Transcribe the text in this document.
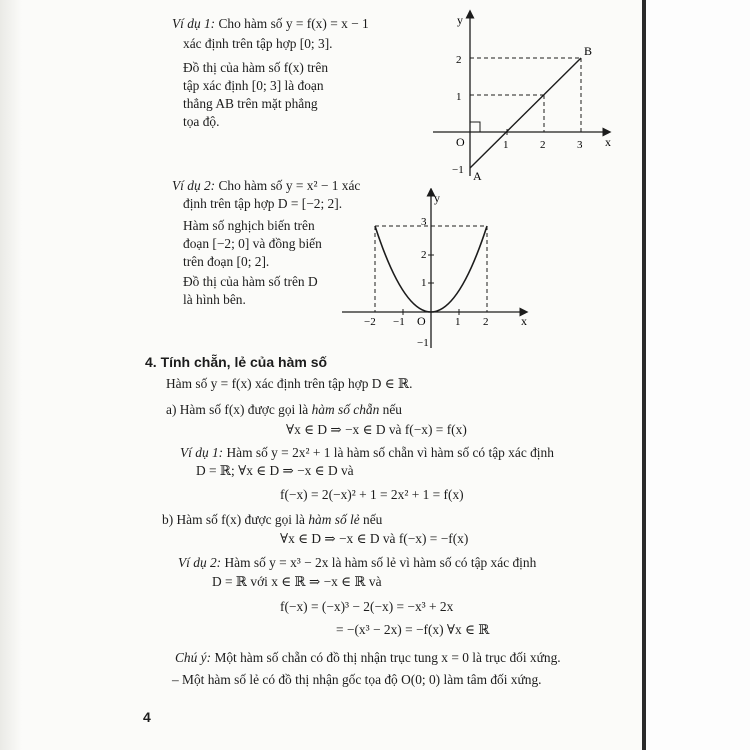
Ví dụ 1: Cho hàm số y = f(x) = x − 1
xác định trên tập hợp [0; 3].
Đồ thị của hàm số f(x) trên
tập xác định [0; 3] là đoạn
thẳng AB trên mặt phẳng
tọa độ.
y
x
O
2
1
−1
1	2	3
A
B
Ví dụ 2: Cho hàm số y = x² − 1 xác
định trên tập hợp D = [−2; 2].
Hàm số nghịch biến trên
đoạn [−2; 0] và đồng biến
trên đoạn [0; 2].
Đồ thị của hàm số trên D
là hình bên.
y
x
O
3
2
1
−1
−2 −1	1 2
4. Tính chẵn, lẻ của hàm số
Hàm số y = f(x) xác định trên tập hợp D ∈ ℝ.
a) Hàm số f(x) được gọi là hàm số chẵn nếu
∀x ∈ D ⇒ −x ∈ D và f(−x) = f(x)
Ví dụ 1: Hàm số y = 2x² + 1 là hàm số chẵn vì hàm số có tập xác định
D = ℝ; ∀x ∈ D ⇒ −x ∈ D và
f(−x) = 2(−x)² + 1 = 2x² + 1 = f(x)
b) Hàm số f(x) được gọi là hàm số lẻ nếu
∀x ∈ D ⇒ −x ∈ D và f(−x) = −f(x)
Ví dụ 2: Hàm số y = x³ − 2x là hàm số lẻ vì hàm số có tập xác định
D = ℝ với x ∈ ℝ ⇒ −x ∈ ℝ và
f(−x) = (−x)³ − 2(−x) = −x³ + 2x
= −(x³ − 2x) = −f(x) ∀x ∈ ℝ
Chú ý: Một hàm số chẵn có đồ thị nhận trục tung x = 0 là trục đối xứng.
– Một hàm số lẻ có đồ thị nhận gốc tọa độ O(0; 0) làm tâm đối xứng.
4
